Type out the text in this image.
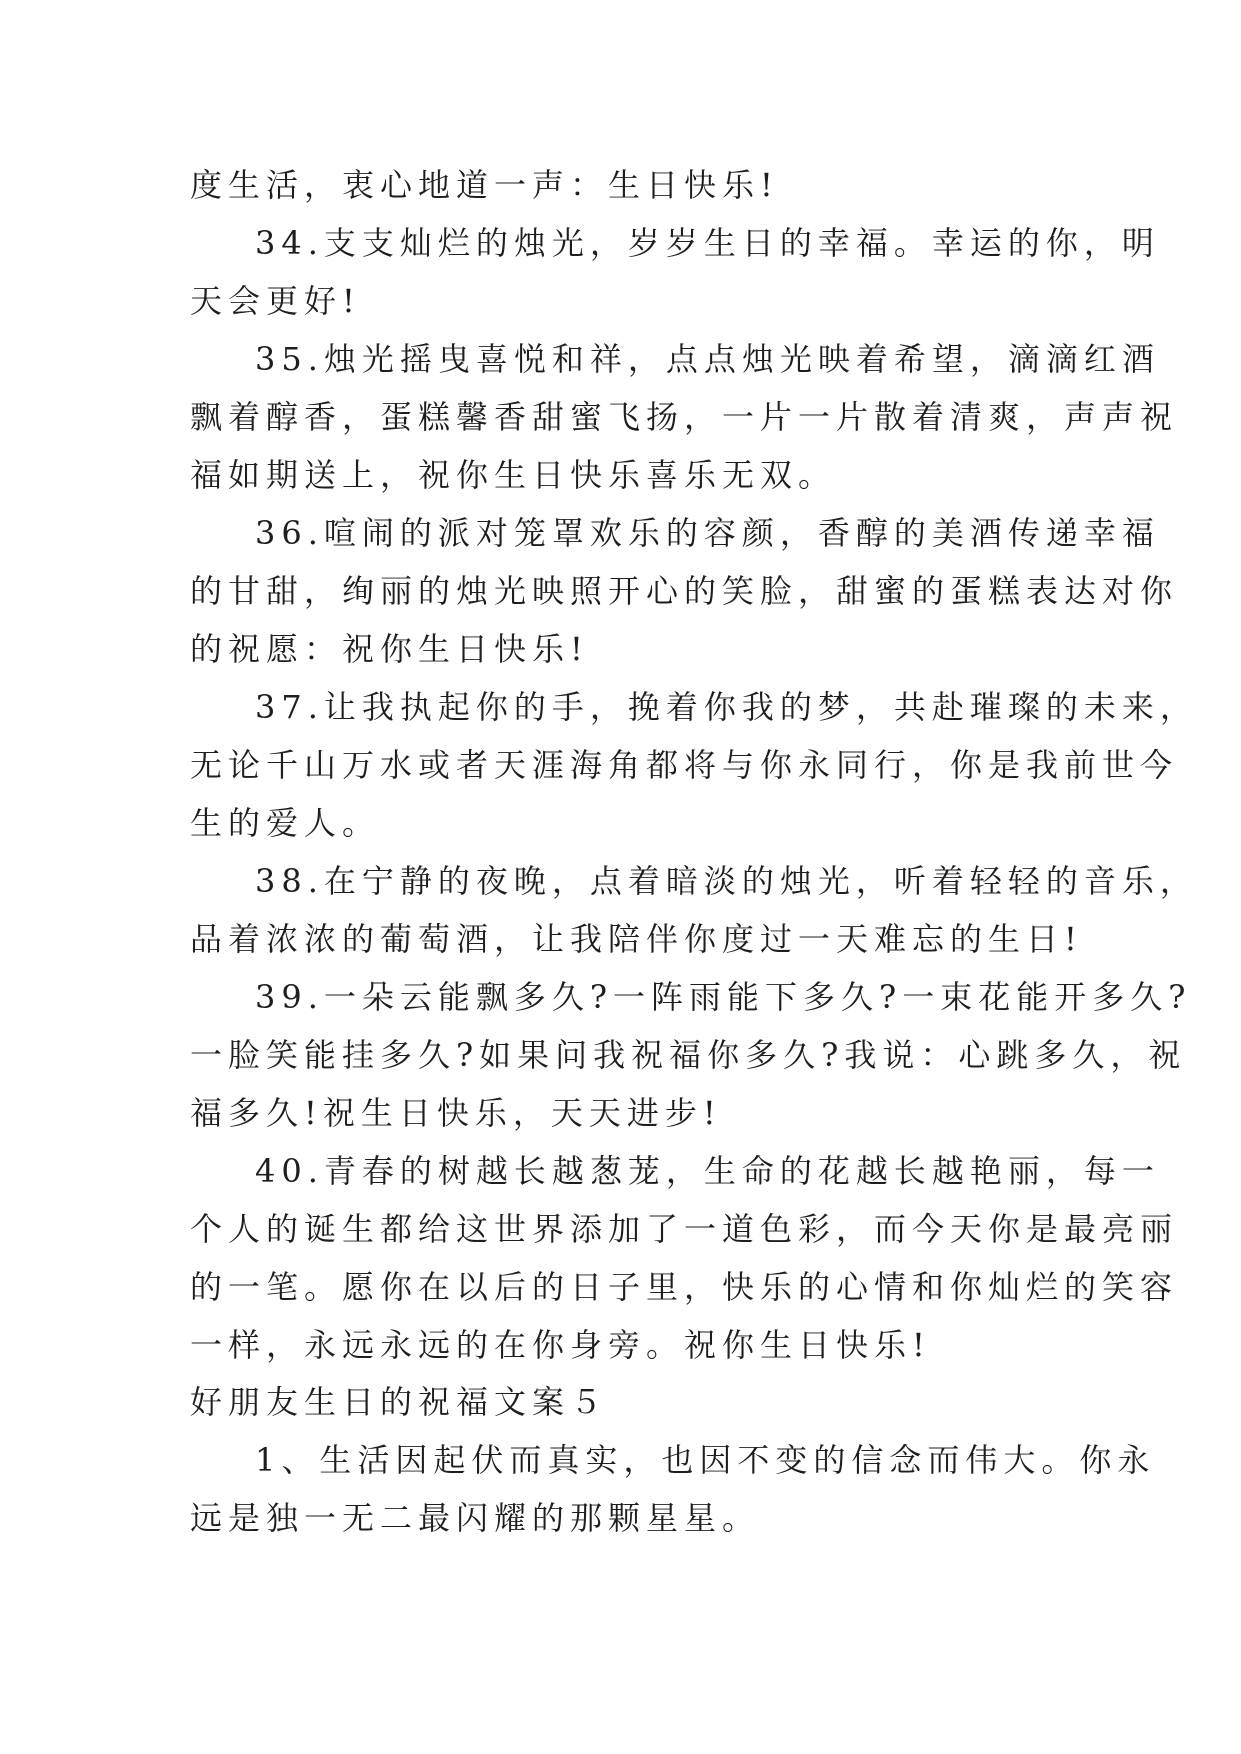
度生活，衷心地道一声：生日快乐!
34.支支灿烂的烛光，岁岁生日的幸福。幸运的你，明
天会更好!
35.烛光摇曳喜悦和祥，点点烛光映着希望，滴滴红酒
飘着醇香，蛋糕馨香甜蜜飞扬，一片一片散着清爽，声声祝
福如期送上，祝你生日快乐喜乐无双。
36.喧闹的派对笼罩欢乐的容颜，香醇的美酒传递幸福
的甘甜，绚丽的烛光映照开心的笑脸，甜蜜的蛋糕表达对你
的祝愿：祝你生日快乐!
37.让我执起你的手，挽着你我的梦，共赴璀璨的未来，
无论千山万水或者天涯海角都将与你永同行，你是我前世今
生的爱人。
38.在宁静的夜晚，点着暗淡的烛光，听着轻轻的音乐，
品着浓浓的葡萄酒，让我陪伴你度过一天难忘的生日!
39.一朵云能飘多久?一阵雨能下多久?一束花能开多久?
一脸笑能挂多久?如果问我祝福你多久?我说：心跳多久，祝
福多久!祝生日快乐，天天进步!
40.青春的树越长越葱茏，生命的花越长越艳丽，每一
个人的诞生都给这世界添加了一道色彩，而今天你是最亮丽
的一笔。愿你在以后的日子里，快乐的心情和你灿烂的笑容
一样，永远永远的在你身旁。祝你生日快乐!
好朋友生日的祝福文案５
1、生活因起伏而真实，也因不变的信念而伟大。你永
远是独一无二最闪耀的那颗星星。
